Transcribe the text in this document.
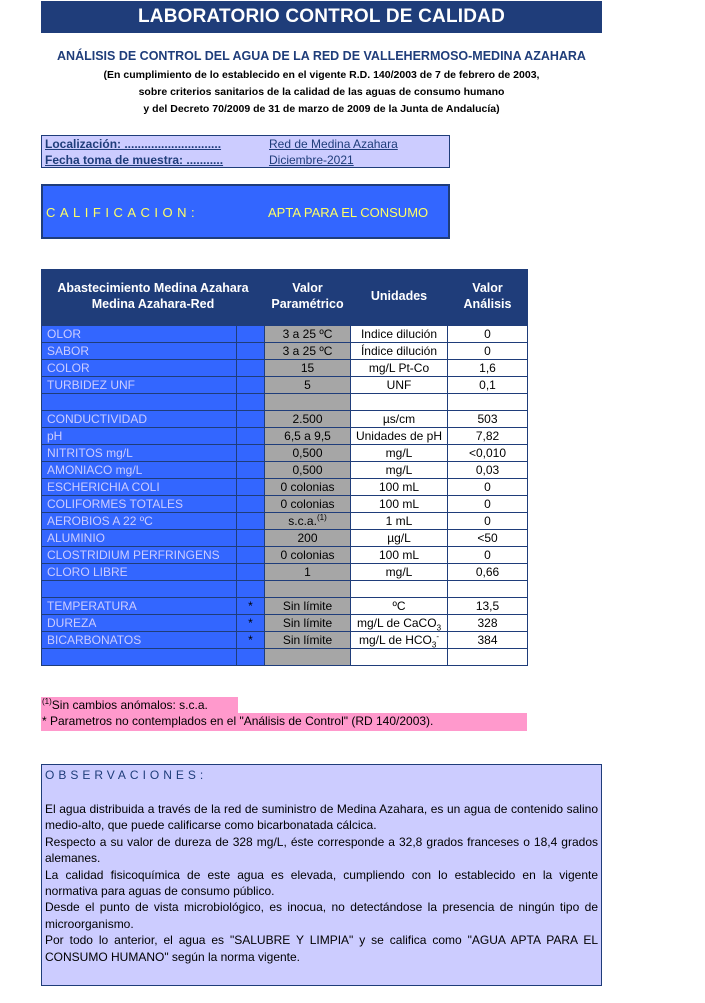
LABORATORIO CONTROL DE CALIDAD
ANÁLISIS DE CONTROL DEL AGUA DE LA RED DE VALLEHERMOSO-MEDINA AZAHARA
(En cumplimiento de lo establecido en el vigente R.D. 140/2003 de 7 de febrero de 2003,
sobre criterios sanitarios de la calidad de las aguas de consumo humano
y del Decreto 70/2009 de 31 de marzo de 2009 de la Junta de Andalucía)
Localización: .............................	Red de Medina Azahara
Fecha toma de muestra: ...........	Diciembre-2021
CALIFICACION:	APTA PARA EL CONSUMO
Abastecimiento Medina Azahara Medina Azahara-Red		Valor Paramétrico	Unidades	Valor Análisis

OLOR		3 a 25 ºC	Indice dilución	0
SABOR		3 a 25 ºC	Índice dilución	0
COLOR		15	mg/L Pt-Co	1,6
TURBIDEZ UNF		5	UNF	0,1

CONDUCTIVIDAD		2.500	µs/cm	503
pH		6,5 a 9,5	Unidades de pH	7,82
NITRITOS mg/L		0,500	mg/L	<0,010
AMONIACO mg/L		0,500	mg/L	0,03
ESCHERICHIA COLI		0 colonias	100 mL	0
COLIFORMES TOTALES		0 colonias	100 mL	0
AEROBIOS A 22 ºC		s.c.a.$^{(1)}$	1 mL	0
ALUMINIO		200	µg/L	<50
CLOSTRIDIUM PERFRINGENS		0 colonias	100 mL	0
CLORO LIBRE		1	mg/L	0,66

TEMPERATURA	*	Sin límite	ºC	13,5
DUREZA	*	Sin límite	mg/L de CaCO$_3$	328
BICARBONATOS	*	Sin límite	mg/L de $HCO_3^-$	384

$^{(1)}$Sin cambios anómalos: s.c.a.
* Parametros no contemplados en el "Análisis de Control" (RD 140/2003).
OBSERVACIONES:

El agua distribuida a través de la red de suministro de Medina Azahara, es un agua de contenido salino medio-alto, que puede calificarse como bicarbonatada cálcica.

Respecto a su valor de dureza de 328 mg/L, éste corresponde a 32,8 grados franceses o 18,4 grados alemanes.

La calidad fisicoquímica de este agua es elevada, cumpliendo con lo establecido en la vigente normativa para aguas de consumo público.

Desde el punto de vista microbiológico, es inocua, no detectándose la presencia de ningún tipo de microorganismo.

Por todo lo anterior, el agua es "SALUBRE Y LIMPIA" y se califica como "AGUA APTA PARA EL CONSUMO HUMANO" según la norma vigente.
